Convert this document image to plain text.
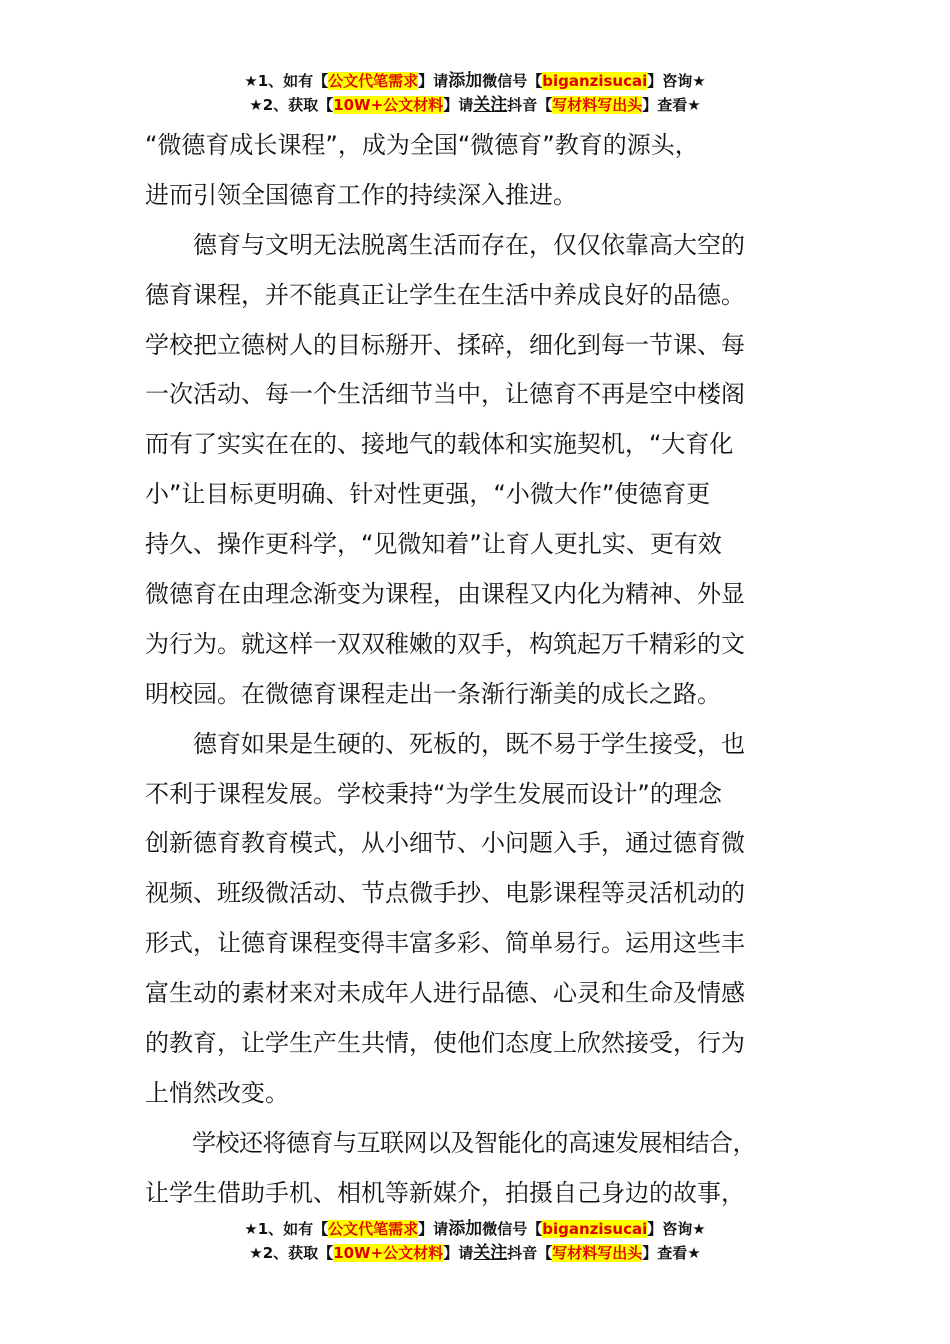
★1、如有【公文代笔需求】请添加微信号【biganzisucai】咨询★
★2、获取【10W+公文材料】请关注抖音【写材料写出头】查看★
“微德育成长课程”，成为全国“微德育”教育的源头，
进而引领全国德育工作的持续深入推进。
　　德育与文明无法脱离生活而存在，仅仅依靠高大空的
德育课程，并不能真正让学生在生活中养成良好的品德。
学校把立德树人的目标掰开、揉碎，细化到每一节课、每
一次活动、每一个生活细节当中，让德育不再是空中楼阁
而有了实实在在的、接地气的载体和实施契机，“大育化
小”让目标更明确、针对性更强，“小微大作”使德育更
持久、操作更科学，“见微知着”让育人更扎实、更有效
微德育在由理念渐变为课程，由课程又内化为精神、外显
为行为。就这样一双双稚嫩的双手，构筑起万千精彩的文
明校园。在微德育课程走出一条渐行渐美的成长之路。
　　德育如果是生硬的、死板的，既不易于学生接受，也
不利于课程发展。学校秉持“为学生发展而设计”的理念
创新德育教育模式，从小细节、小问题入手，通过德育微
视频、班级微活动、节点微手抄、电影课程等灵活机动的
形式，让德育课程变得丰富多彩、简单易行。运用这些丰
富生动的素材来对未成年人进行品德、心灵和生命及情感
的教育，让学生产生共情，使他们态度上欣然接受，行为
上悄然改变。
　　学校还将德育与互联网以及智能化的高速发展相结合，
让学生借助手机、相机等新媒介，拍摄自己身边的故事，
★1、如有【公文代笔需求】请添加微信号【biganzisucai】咨询★
★2、获取【10W+公文材料】请关注抖音【写材料写出头】查看★
